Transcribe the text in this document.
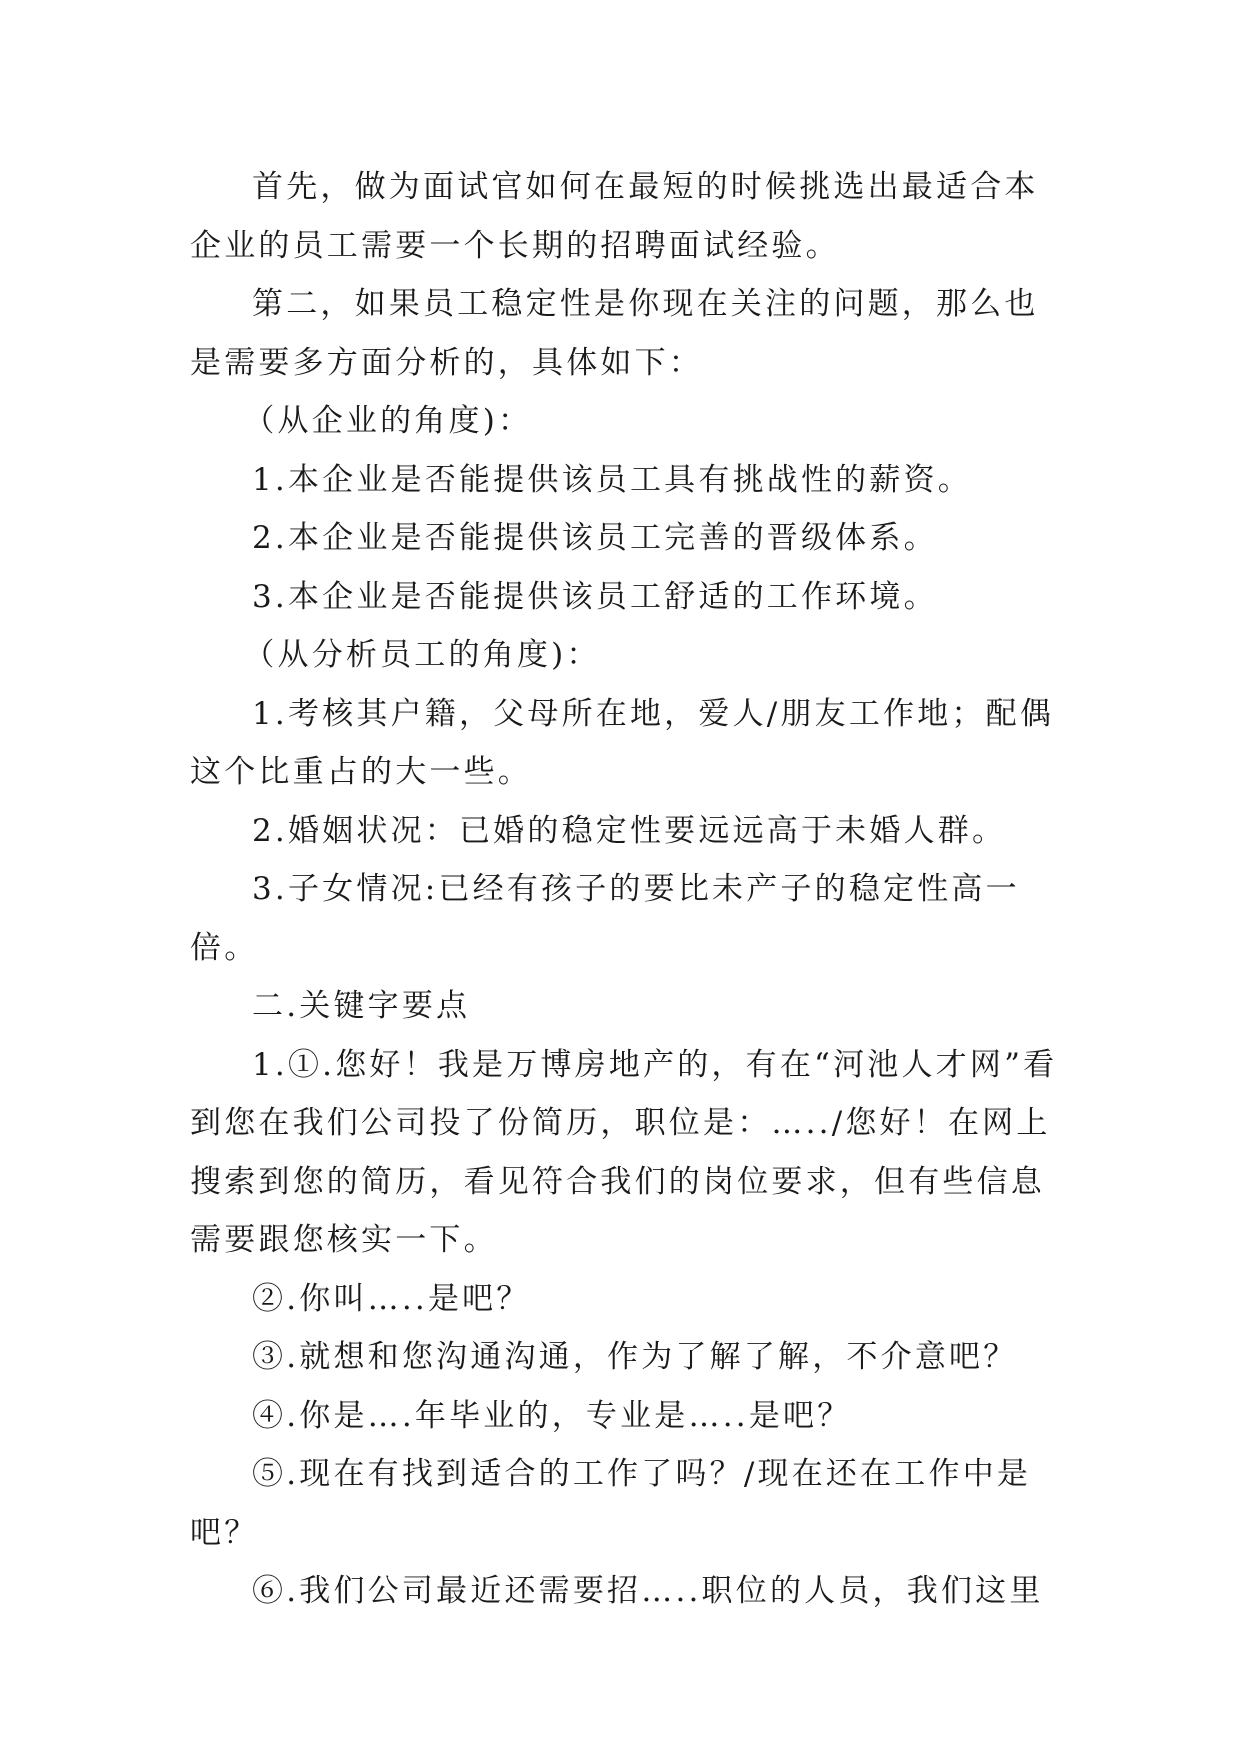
首先，做为面试官如何在最短的时候挑选出最适合本企业的员工需要一个长期的招聘面试经验。

第二，如果员工稳定性是你现在关注的问题，那么也是需要多方面分析的，具体如下：

（从企业的角度)：

1.本企业是否能提供该员工具有挑战性的薪资。

2.本企业是否能提供该员工完善的晋级体系。

3.本企业是否能提供该员工舒适的工作环境。

（从分析员工的角度)：

1.考核其户籍，父母所在地，爱人/朋友工作地；配偶这个比重占的大一些。

2.婚姻状况：已婚的稳定性要远远高于未婚人群。

3.子女情况:已经有孩子的要比未产子的稳定性高一倍。

二.关键字要点

1.①.您好！我是万博房地产的，有在“河池人才网”看到您在我们公司投了份简历，职位是：…../您好！在网上搜索到您的简历，看见符合我们的岗位要求，但有些信息需要跟您核实一下。

②.你叫…..是吧？

③.就想和您沟通沟通，作为了解了解，不介意吧？

④.你是….年毕业的，专业是…..是吧？

⑤.现在有找到适合的工作了吗？/现在还在工作中是吧？

⑥.我们公司最近还需要招…..职位的人员，我们这里
